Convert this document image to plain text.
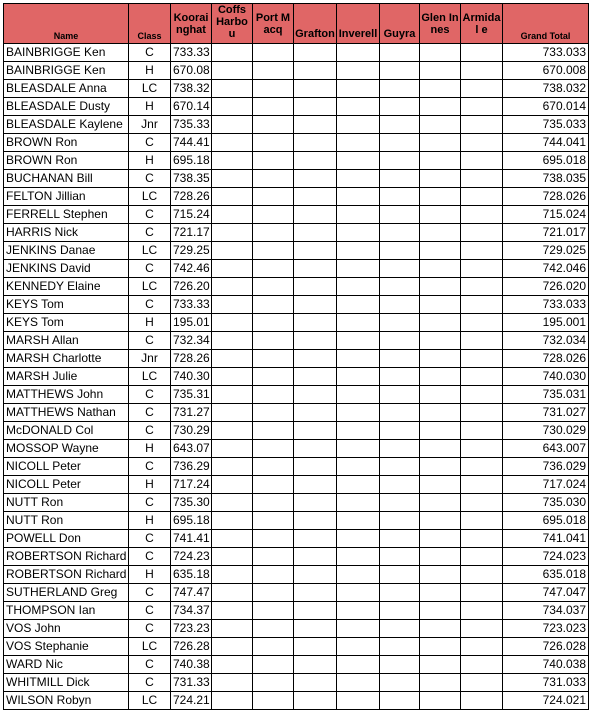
Name	Class	Koorai nghat	Coffs Harbou	Port Macq	Grafton	Inverell	Guyra	Glen Innes	Armidal e	Grand Total
BAINBRIGGE Ken	C	733.33								733.033
BAINBRIGGE Ken	H	670.08								670.008
BLEASDALE Anna	LC	738.32								738.032
BLEASDALE Dusty	H	670.14								670.014
BLEASDALE Kaylene	Jnr	735.33								735.033
BROWN Ron	C	744.41								744.041
BROWN Ron	H	695.18								695.018
BUCHANAN Bill	C	738.35								738.035
FELTON Jillian	LC	728.26								728.026
FERRELL Stephen	C	715.24								715.024
HARRIS Nick	C	721.17								721.017
JENKINS Danae	LC	729.25								729.025
JENKINS David	C	742.46								742.046
KENNEDY Elaine	LC	726.20								726.020
KEYS Tom	C	733.33								733.033
KEYS Tom	H	195.01								195.001
MARSH Allan	C	732.34								732.034
MARSH Charlotte	Jnr	728.26								728.026
MARSH Julie	LC	740.30								740.030
MATTHEWS John	C	735.31								735.031
MATTHEWS Nathan	C	731.27								731.027
McDONALD Col	C	730.29								730.029
MOSSOP Wayne	H	643.07								643.007
NICOLL Peter	C	736.29								736.029
NICOLL Peter	H	717.24								717.024
NUTT Ron	C	735.30								735.030
NUTT Ron	H	695.18								695.018
POWELL Don	C	741.41								741.041
ROBERTSON Richard	C	724.23								724.023
ROBERTSON Richard	H	635.18								635.018
SUTHERLAND Greg	C	747.47								747.047
THOMPSON Ian	C	734.37								734.037
VOS John	C	723.23								723.023
VOS Stephanie	LC	726.28								726.028
WARD Nic	C	740.38								740.038
WHITMILL Dick	C	731.33								731.033
WILSON Robyn	LC	724.21								724.021
